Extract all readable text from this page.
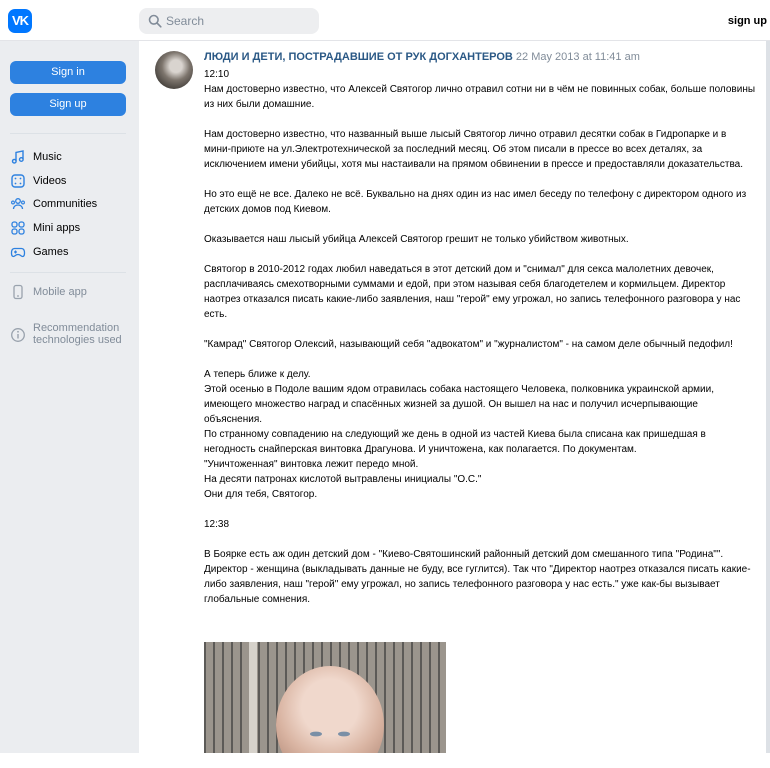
VK	Search	sign up
Sign in
Sign up
Music
Videos
Communities
Mini apps
Games
Mobile app
Recommendation technologies used
ЛЮДИ И ДЕТИ, ПОСТРАДАВШИЕ ОТ РУК ДОГХАНТЕРОВ 22 May 2013 at 11:41 am

12:10
Нам достоверно известно, что Алексей Святогор лично отравил сотни ни в чём не повинных собак, больше половины из них были домашние.

Нам достоверно известно, что названный выше лысый Святогор лично отравил десятки собак в Гидропарке и в мини-приюте на ул.Электротехнической за последний месяц. Об этом писали в прессе во всех деталях, за исключением имени убийцы, хотя мы настаивали на прямом обвинении в прессе и предоставляли доказательства.

Но это ещё не все. Далеко не всё. Буквально на днях один из нас имел беседу по телефону с директором одного из детских домов под Киевом.

Оказывается наш лысый убийца Алексей Святогор грешит не только убийством животных.

Святогор в 2010-2012 годах любил наведаться в этот детский дом и "снимал" для секса малолетних девочек, расплачиваясь смехотворными суммами и едой, при этом называя себя благодетелем и кормильцем. Директор наотрез отказался писать какие-либо заявления, наш "герой" ему угрожал, но запись телефонного разговора у нас есть.

"Камрад" Святогор Олексий, называющий себя "адвокатом" и "журналистом" - на самом деле обычный педофил!

А теперь ближе к делу.
Этой осенью в Подоле вашим ядом отравилась собака настоящего Человека, полковника украинской армии, имеющего множество наград и спасённых жизней за душой. Он вышел на нас и получил исчерпывающие объяснения.
По странному совпадению на следующий же день в одной из частей Киева была списана как пришедшая в негодность снайперская винтовка Драгунова. И уничтожена, как полагается. По документам.
"Уничтоженная" винтовка лежит передо мной.
На десяти патронах кислотой вытравлены инициалы "О.С."
Они для тебя, Святогор.

12:38

В Боярке есть аж один детский дом - "Киево-Святошинский районный детский дом смешанного типа "Родина"". Директор - женщина (выкладывать данные не буду, все гуглится). Так что "Директор наотрез отказался писать какие-либо заявления, наш "герой" ему угрожал, но запись телефонного разговора у нас есть." уже как-бы вызывает глобальные сомнения.
